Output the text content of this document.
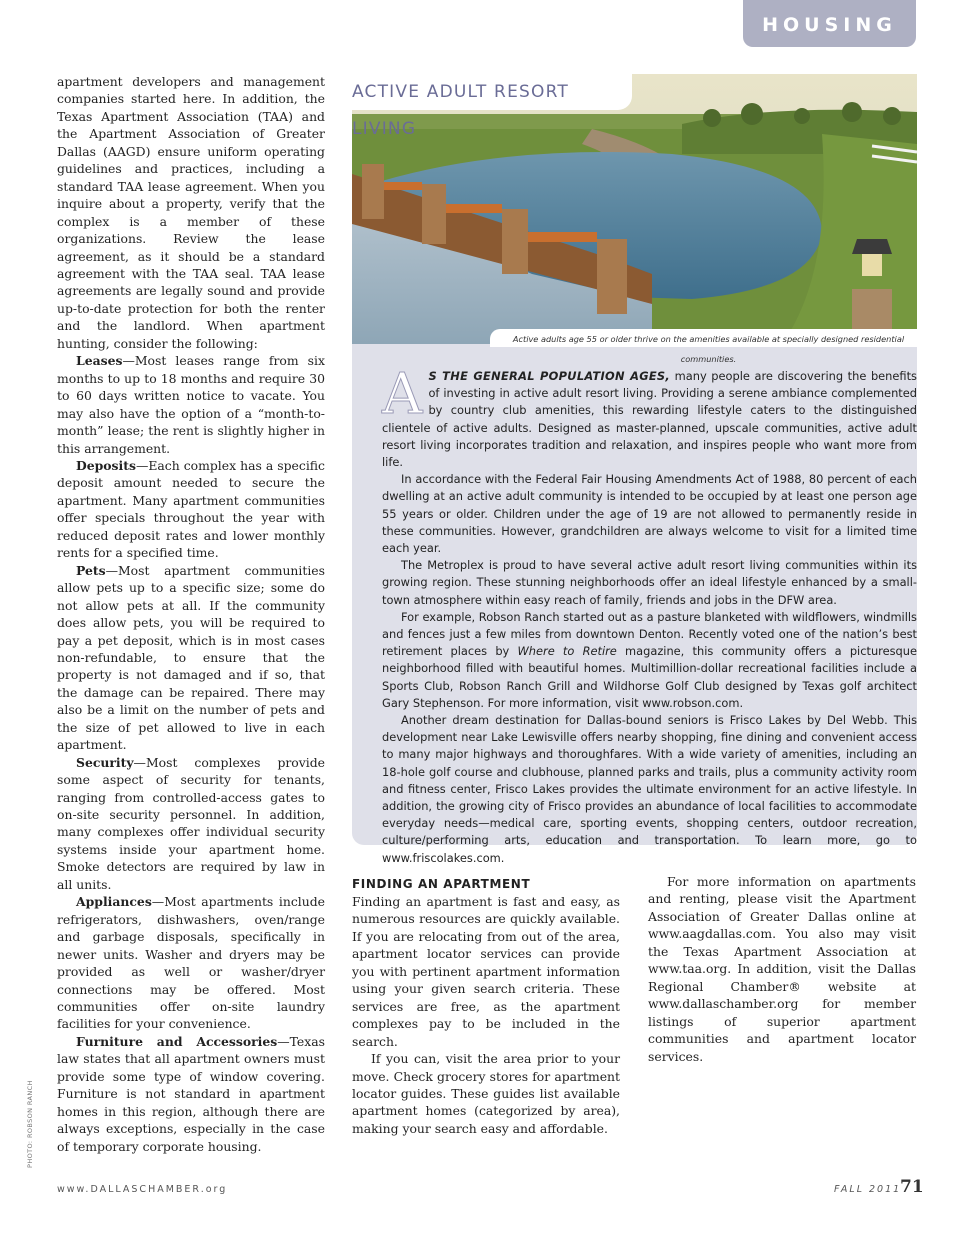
HOUSING

apartment developers and management companies started here. In addition, the Texas Apartment Association (TAA) and the Apartment Association of Greater Dallas (AAGD) ensure uniform operating guidelines and practices, including a standard TAA lease agreement. When you inquire about a property, verify that the complex is a member of these organizations. Review the lease agreement, as it should be a standard agreement with the TAA seal. TAA lease agreements are legally sound and provide up-to-date protection for both the renter and the landlord. When apartment hunting, consider the following:

Leases—Most leases range from six months to up to 18 months and require 30 to 60 days written notice to vacate. You may also have the option of a “month-to-month” lease; the rent is slightly higher in this arrangement.

Deposits—Each complex has a specific deposit amount needed to secure the apartment. Many apartment communities offer specials throughout the year with reduced deposit rates and lower monthly rents for a specified time.

Pets—Most apartment communities allow pets up to a specific size; some do not allow pets at all. If the community does allow pets, you will be required to pay a pet deposit, which is in most cases non-refundable, to ensure that the property is not damaged and if so, that the damage can be repaired. There may also be a limit on the number of pets and the size of pet allowed to live in each apartment.

Security—Most complexes provide some aspect of security for tenants, ranging from controlled-access gates to on-site security personnel. In addition, many complexes offer individual security systems inside your apartment home. Smoke detectors are required by law in all units.

Appliances—Most apartments include refrigerators, dishwashers, oven/range and garbage disposals, specifically in newer units. Washer and dryers may be provided as well or washer/dryer connections may be offered. Most communities offer on-site laundry facilities for your convenience.

Furniture and Accessories—Texas law states that all apartment owners must provide some type of window covering. Furniture is not standard in apartment homes in this region, although there are always exceptions, especially in the case of temporary corporate housing.

ACTIVE ADULT RESORT LIVING
Active adults age 55 or older thrive on the amenities available at specially designed residential communities.

A S THE GENERAL POPULATION AGES, many people are discovering the benefits of investing in active adult resort living. Providing a serene ambiance complemented by country club amenities, this rewarding lifestyle caters to the distinguished clientele of active adults. Designed as master-planned, upscale communities, active adult resort living incorporates tradition and relaxation, and inspires people who want more from life.

In accordance with the Federal Fair Housing Amendments Act of 1988, 80 percent of each dwelling at an active adult community is intended to be occupied by at least one person age 55 years or older. Children under the age of 19 are not allowed to permanently reside in these communities. However, grandchildren are always welcome to visit for a limited time each year.

The Metroplex is proud to have several active adult resort living communities within its growing region. These stunning neighborhoods offer an ideal lifestyle enhanced by a small-town atmosphere within easy reach of family, friends and jobs in the DFW area.

For example, Robson Ranch started out as a pasture blanketed with wildflowers, windmills and fences just a few miles from downtown Denton. Recently voted one of the nation’s best retirement places by Where to Retire magazine, this community offers a picturesque neighborhood filled with beautiful homes. Multimillion-dollar recreational facilities include a Sports Club, Robson Ranch Grill and Wildhorse Golf Club designed by Texas golf architect Gary Stephenson. For more information, visit www.robson.com.

Another dream destination for Dallas-bound seniors is Frisco Lakes by Del Webb. This development near Lake Lewisville offers nearby shopping, fine dining and convenient access to many major highways and thoroughfares. With a wide variety of amenities, including an 18-hole golf course and clubhouse, planned parks and trails, plus a community activity room and fitness center, Frisco Lakes provides the ultimate environment for an active lifestyle. In addition, the growing city of Frisco provides an abundance of local facilities to accommodate everyday needs—medical care, sporting events, shopping centers, outdoor recreation, culture/performing arts, education and transportation. To learn more, go to www.friscolakes.com.

FINDING AN APARTMENT

Finding an apartment is fast and easy, as numerous resources are quickly available. If you are relocating from out of the area, apartment locator services can provide you with pertinent apartment information using your given search criteria. These services are free, as the apartment complexes pay to be included in the search.

If you can, visit the area prior to your move. Check grocery stores for apartment locator guides. These guides list available apartment homes (categorized by area), making your search easy and affordable.

For more information on apartments and renting, please visit the Apartment Association of Greater Dallas online at www.aagdallas.com. You also may visit the Texas Apartment Association at www.taa.org. In addition, visit the Dallas Regional Chamber® website at www.dallaschamber.org for member listings of superior apartment communities and apartment locator services.

PHOTO: ROBSON RANCH
www.DALLASCHAMBER.org	FALL 2011
71
